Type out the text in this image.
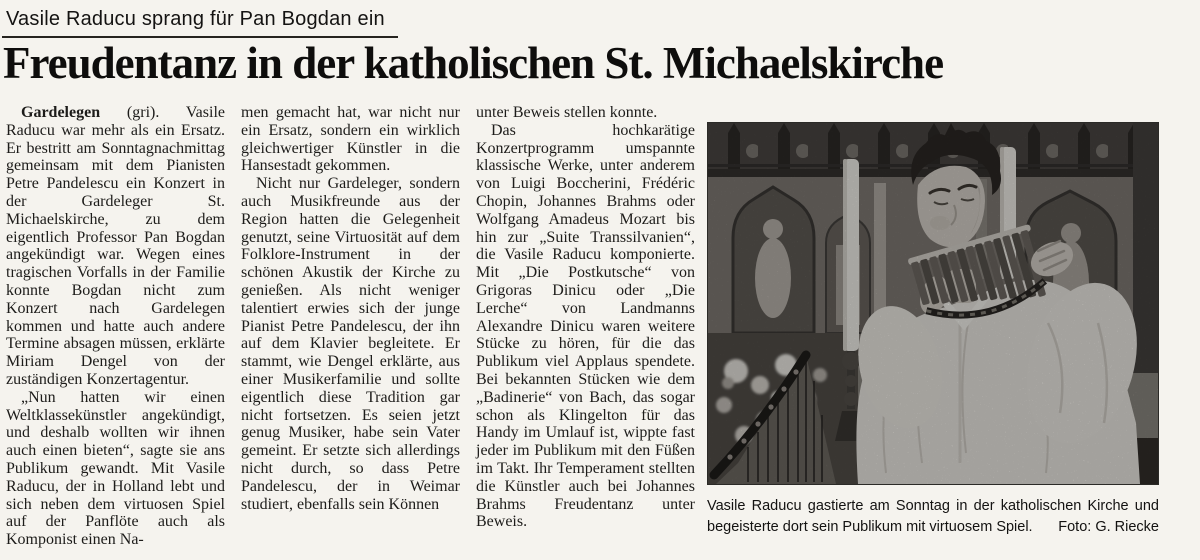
Vasile Raducu sprang für Pan Bogdan ein
Freudentanz in der katholischen St. Michaelskirche

Gardelegen (gri). Vasile Raducu war mehr als ein Ersatz. Er bestritt am Sonntagnachmittag gemeinsam mit dem Pianisten Petre Pandelescu ein Konzert in der Gardeleger St. Michaelskirche, zu dem eigentlich Professor Pan Bogdan angekündigt war. Wegen eines tragischen Vorfalls in der Familie konnte Bogdan nicht zum Konzert nach Gardelegen kommen und hatte auch andere Termine absagen müssen, erklärte Miriam Dengel von der zuständigen Konzertagentur.

„Nun hatten wir einen Weltklassekünstler angekündigt, und deshalb wollten wir ihnen auch einen bieten“, sagte sie ans Publikum gewandt. Mit Vasile Raducu, der in Holland lebt und sich neben dem virtuosen Spiel auf der Panflöte auch als Komponist einen Na-

men gemacht hat, war nicht nur ein Ersatz, sondern ein wirklich gleichwertiger Künstler in die Hansestadt gekommen.

Nicht nur Gardeleger, sondern auch Musikfreunde aus der Region hatten die Gelegenheit genutzt, seine Virtuosität auf dem Folklore-Instrument in der schönen Akustik der Kirche zu genießen. Als nicht weniger talentiert erwies sich der junge Pianist Petre Pandelescu, der ihn auf dem Klavier begleitete. Er stammt, wie Dengel erklärte, aus einer Musikerfamilie und sollte eigentlich diese Tradition gar nicht fortsetzen. Es seien jetzt genug Musiker, habe sein Vater gemeint. Er setzte sich allerdings nicht durch, so dass Petre Pandelescu, der in Weimar studiert, ebenfalls sein Können

unter Beweis stellen konnte.

Das hochkarätige Konzertprogramm umspannte klassische Werke, unter anderem von Luigi Boccherini, Frédéric Chopin, Johannes Brahms oder Wolfgang Amadeus Mozart bis hin zur „Suite Transsilvanien“, die Vasile Raducu komponierte. Mit „Die Postkutsche“ von Grigoras Dinicu oder „Die Lerche“ von Landmanns Alexandre Dinicu waren weitere Stücke zu hören, für die das Publikum viel Applaus spendete. Bei bekannten Stücken wie dem „Badinerie“ von Bach, das sogar schon als Klingelton für das Handy im Umlauf ist, wippte fast jeder im Publikum mit den Füßen im Takt. Ihr Temperament stellten die Künstler auch bei Johannes Brahms Freudentanz unter Beweis.

Vasile Raducu gastierte am Sonntag in der katholischen Kirche und
begeisterte dort sein Publikum mit virtuosem Spiel. Foto: G. Riecke
